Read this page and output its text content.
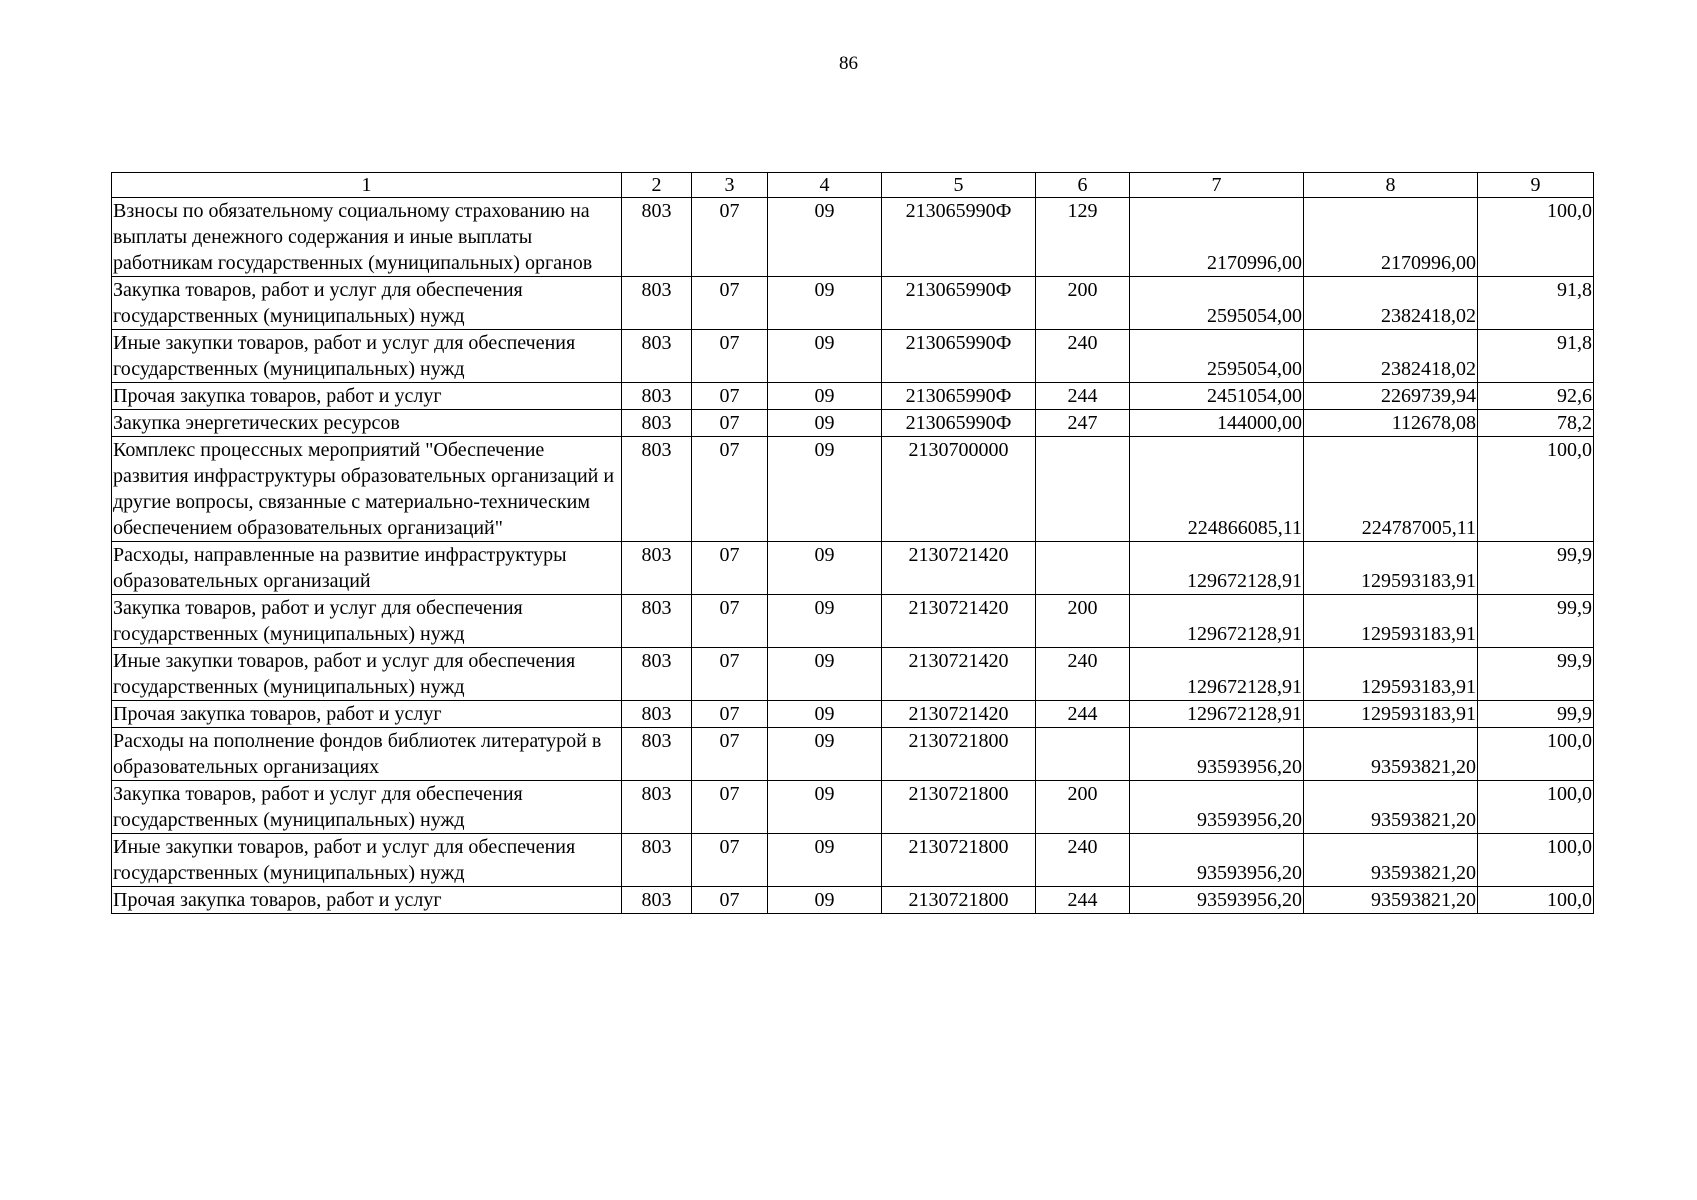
86
1	2	3	4	5	6	7	8	9
Взносы по обязательному социальному страхованию на выплаты денежного содержания и иные выплаты работникам государственных (муниципальных) органов	803	07	09	213065990Ф	129	2170996,00	2170996,00	100,0
Закупка товаров, работ и услуг для обеспечения государственных (муниципальных) нужд	803	07	09	213065990Ф	200	2595054,00	2382418,02	91,8
Иные закупки товаров, работ и услуг для обеспечения государственных (муниципальных) нужд	803	07	09	213065990Ф	240	2595054,00	2382418,02	91,8
Прочая закупка товаров, работ и услуг	803	07	09	213065990Ф	244	2451054,00	2269739,94	92,6
Закупка энергетических ресурсов	803	07	09	213065990Ф	247	144000,00	112678,08	78,2
Комплекс процессных мероприятий "Обеспечение развития инфраструктуры образовательных организаций и другие вопросы, связанные с материально-техническим обеспечением образовательных организаций"	803	07	09	2130700000		224866085,11	224787005,11	100,0
Расходы, направленные на развитие инфраструктуры образовательных организаций	803	07	09	2130721420		129672128,91	129593183,91	99,9
Закупка товаров, работ и услуг для обеспечения государственных (муниципальных) нужд	803	07	09	2130721420	200	129672128,91	129593183,91	99,9
Иные закупки товаров, работ и услуг для обеспечения государственных (муниципальных) нужд	803	07	09	2130721420	240	129672128,91	129593183,91	99,9
Прочая закупка товаров, работ и услуг	803	07	09	2130721420	244	129672128,91	129593183,91	99,9
Расходы на пополнение фондов библиотек литературой в образовательных организациях	803	07	09	2130721800		93593956,20	93593821,20	100,0
Закупка товаров, работ и услуг для обеспечения государственных (муниципальных) нужд	803	07	09	2130721800	200	93593956,20	93593821,20	100,0
Иные закупки товаров, работ и услуг для обеспечения государственных (муниципальных) нужд	803	07	09	2130721800	240	93593956,20	93593821,20	100,0
Прочая закупка товаров, работ и услуг	803	07	09	2130721800	244	93593956,20	93593821,20	100,0
